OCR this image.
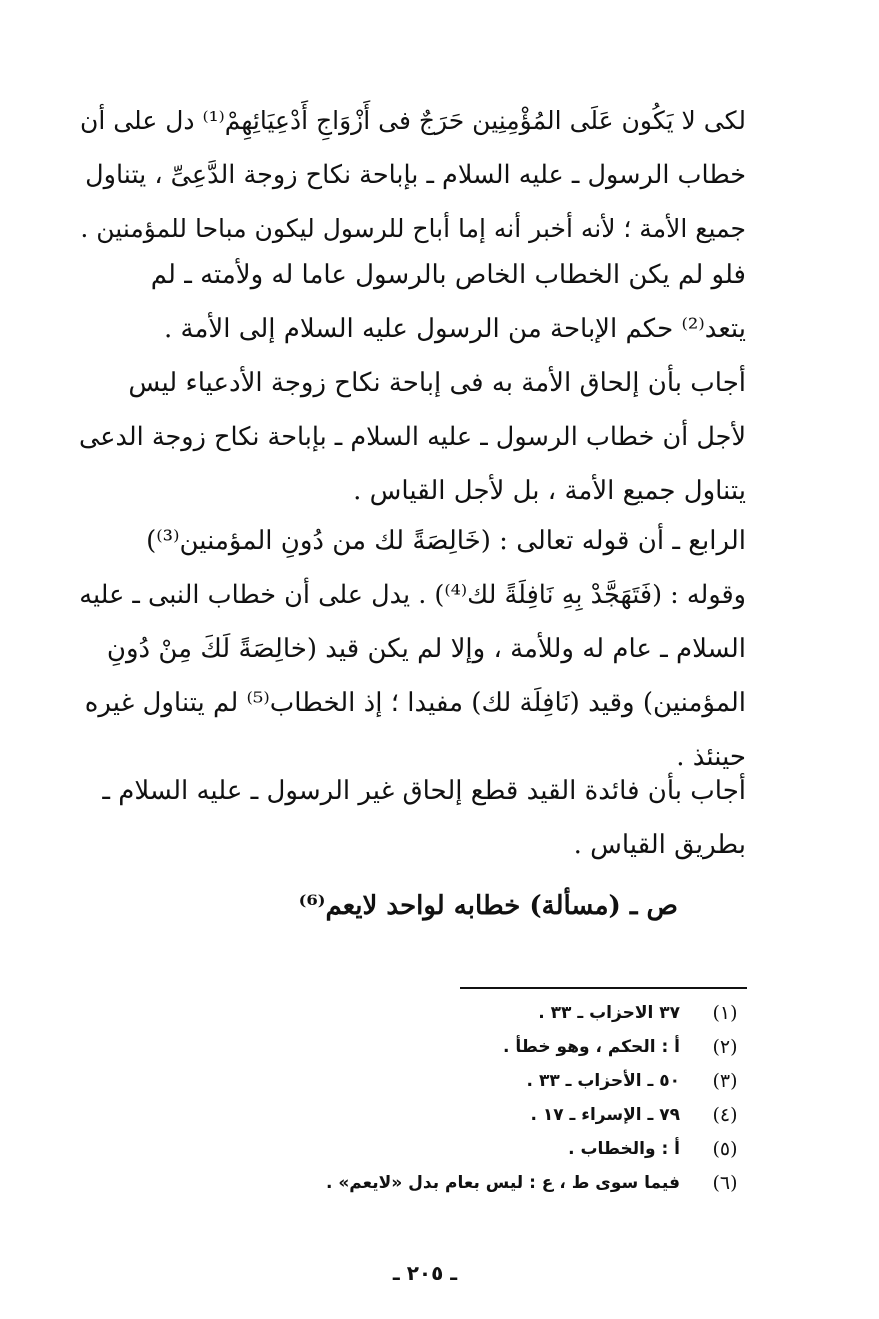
لكى لا يَكُون عَلَى المُؤْمِنِين حَرَجٌ فى أَزْوَاجِ أَدْعِيَائِهِمْ⁽¹⁾ دل على أن
خطاب الرسول ـ عليه السلام ـ بإباحة نكاح زوجة الدَّعِىِّ ، يتناول
جميع الأمة ؛ لأنه أخبر أنه إما أباح للرسول ليكون مباحا للمؤمنين .
فلو لم يكن الخطاب الخاص بالرسول عاما له ولأمته ـ لم
يتعد⁽²⁾ حكم الإباحة من الرسول عليه السلام إلى الأمة .
أجاب بأن إلحاق الأمة به فى إباحة نكاح زوجة الأدعياء ليس
لأجل أن خطاب الرسول ـ عليه السلام ـ بإباحة نكاح زوجة الدعى
يتناول جميع الأمة ، بل لأجل القياس .
الرابع ـ أن قوله تعالى : (خَالِصَةً لك من دُونِ المؤمنين⁽³⁾)
وقوله : (فَتَهَجَّدْ بِهِ نَافِلَةً لك⁽⁴⁾) . يدل على أن خطاب النبى ـ عليه
السلام ـ عام له وللأمة ، وإلا لم يكن قيد (خالِصَةً لَكَ مِنْ دُونِ
المؤمنين) وقيد (نَافِلَة لك) مفيدا ؛ إذ الخطاب⁽⁵⁾ لم يتناول غيره
حينئذ .
أجاب بأن فائدة القيد قطع إلحاق غير الرسول ـ عليه السلام ـ
بطريق القياس .
ص ـ (مسألة) خطابه لواحد لايعم⁽⁶⁾
(١)
٣٧ الاحزاب ـ ٣٣ .
(٢)
أ : الحكم ، وهو خطأ .
(٣)
٥٠ ـ الأحزاب ـ ٣٣ .
(٤)
٧٩ ـ الإسراء ـ ١٧ .
(٥)
أ : والخطاب .
(٦)
فيما سوى ط ، ع : ليس بعام بدل «لايعم» .
ـ ٢٠٥ ـ
